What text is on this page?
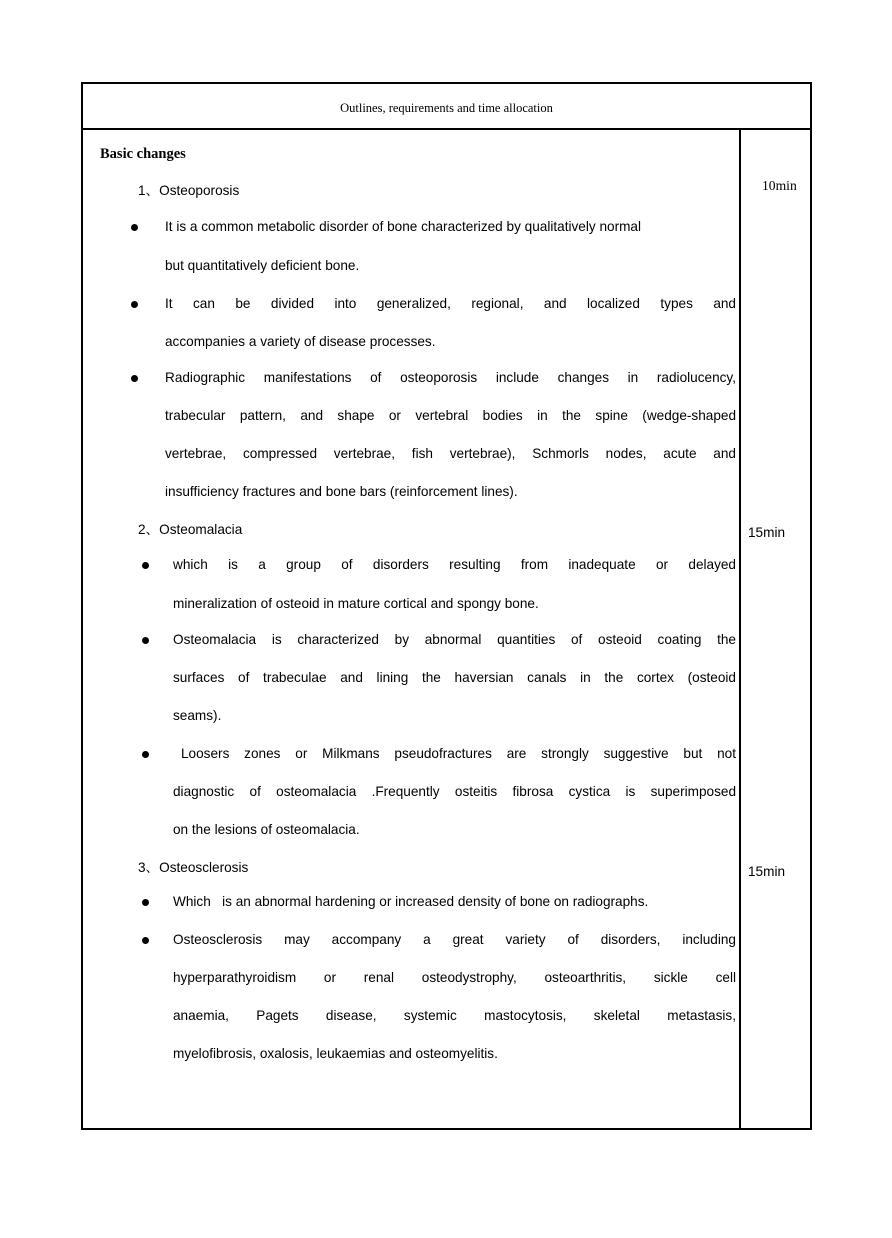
Outlines, requirements and time allocation
Basic changes
1、Osteoporosis	10min
It is a common metabolic disorder of bone characterized by qualitatively normal
but quantitatively deficient bone.
It can be divided into generalized, regional, and localized types and
accompanies a variety of disease processes.
Radiographic manifestations of osteoporosis include changes in radiolucency,
trabecular pattern, and shape or vertebral bodies in the spine (wedge-shaped
vertebrae, compressed vertebrae, fish vertebrae), Schmorls nodes, acute and
insufficiency fractures and bone bars (reinforcement lines).
2、Osteomalacia	15min
which is a group of disorders resulting from inadequate or delayed
mineralization of osteoid in mature cortical and spongy bone.
Osteomalacia is characterized by abnormal quantities of osteoid coating the
surfaces of trabeculae and lining the haversian canals in the cortex (osteoid
seams).
Loosers zones or Milkmans pseudofractures are strongly suggestive but not
diagnostic of osteomalacia .Frequently osteitis fibrosa cystica is superimposed
on the lesions of osteomalacia.
3、Osteosclerosis	15min
Which   is an abnormal hardening or increased density of bone on radiographs.
Osteosclerosis may accompany a great variety of disorders, including
hyperparathyroidism or renal osteodystrophy, osteoarthritis, sickle cell
anaemia, Pagets disease, systemic mastocytosis, skeletal metastasis,
myelofibrosis, oxalosis, leukaemias and osteomyelitis.
